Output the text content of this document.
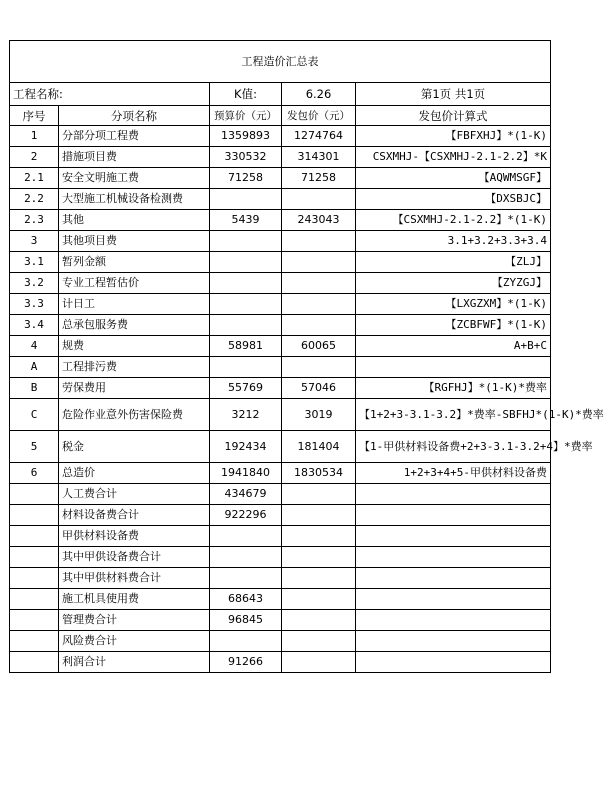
工程造价汇总表				
工程名称:		K值:	6.26	第1页 共1页
序号	分项名称	预算价（元）	发包价（元）	发包价计算式
1	分部分项工程费	1359893	1274764	【FBFXHJ】*(1-K)
2	措施项目费	330532	314301	CSXMHJ-【CSXMHJ-2.1-2.2】*K
2.1	安全文明施工费	71258	71258	【AQWMSGF】
2.2	大型施工机械设备检测费			【DXSBJC】
2.3	其他	5439	243043	【CSXMHJ-2.1-2.2】*(1-K)
3	其他项目费			3.1+3.2+3.3+3.4
3.1	暂列金额			【ZLJ】
3.2	专业工程暂估价			【ZYZGJ】
3.3	计日工			【LXGZXM】*(1-K)
3.4	总承包服务费			【ZCBFWF】*(1-K)
4	规费	58981	60065	A+B+C
A	工程排污费			
B	劳保费用	55769	57046	【RGFHJ】*(1-K)*费率
C	危险作业意外伤害保险费	3212	3019	【1+2+3-3.1-3.2】*费率-SBFHJ*(1-K)*费率
5	税金	192434	181404	【1-甲供材料设备费+2+3-3.1-3.2+4】*费率
6	总造价	1941840	1830534	1+2+3+4+5-甲供材料设备费
	人工费合计	434679		
	材料设备费合计	922296		
	甲供材料设备费			
	其中甲供设备费合计			
	其中甲供材料费合计			
	施工机具使用费	68643		
	管理费合计	96845		
	风险费合计			
	利润合计	91266		
